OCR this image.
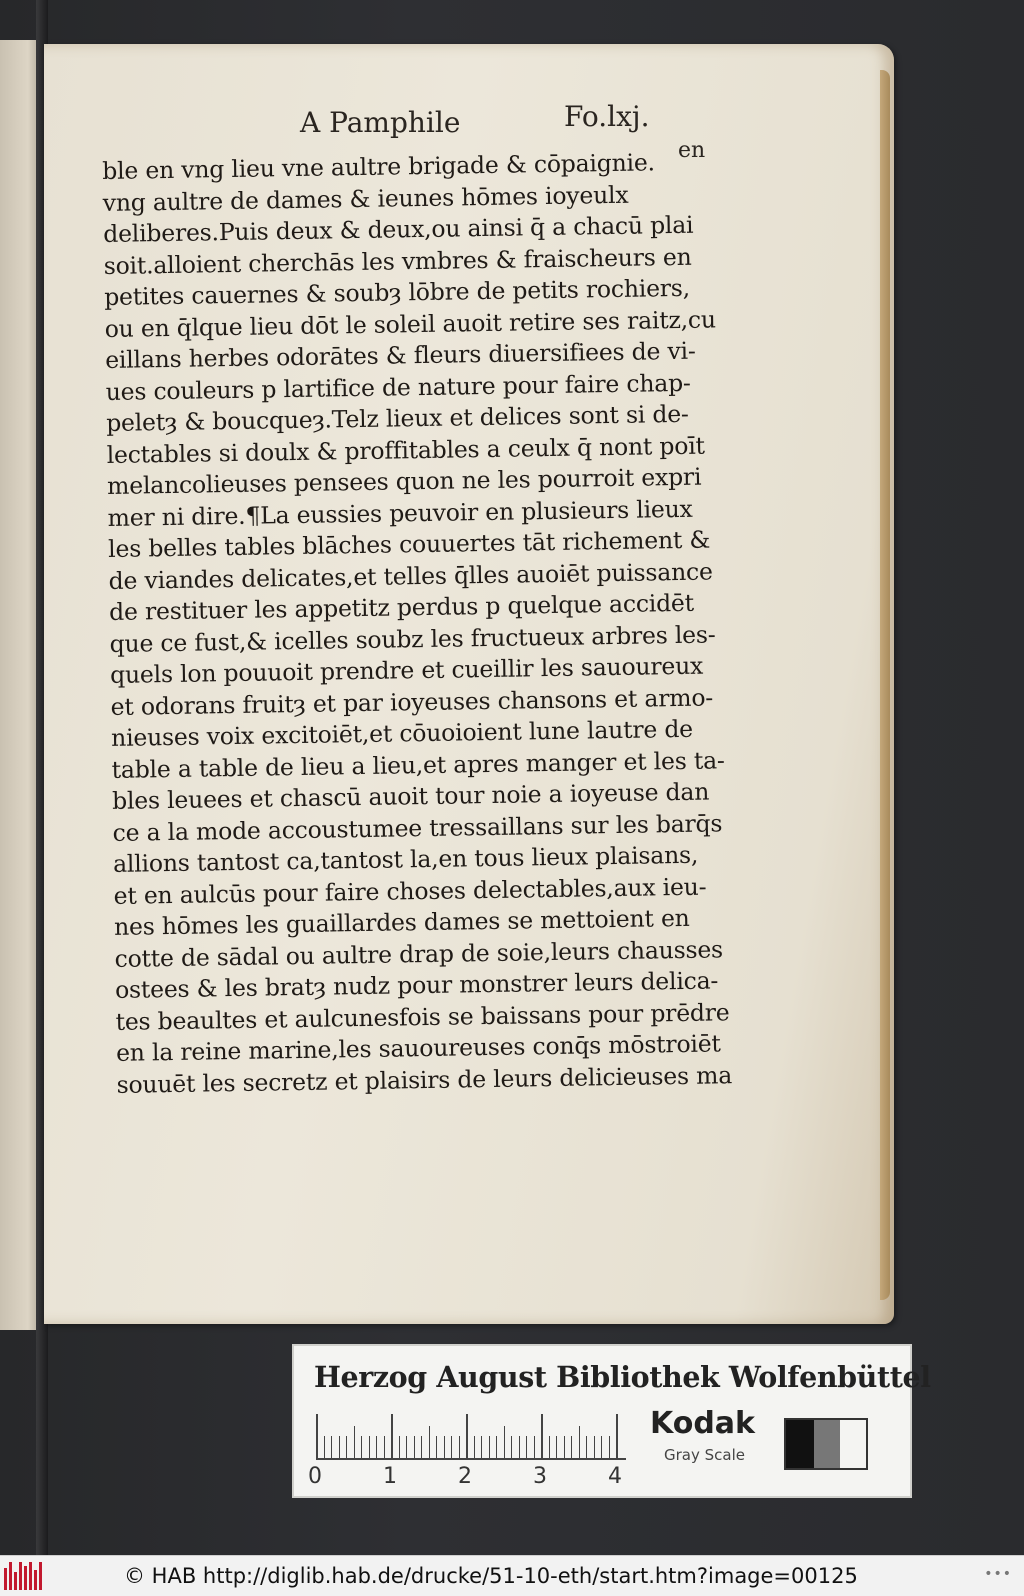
A Pamphile	Fo.lxj.
en
ble en vng lieu vne aultre brigade & cōpaignie.
vng aultre de dames & ieunes hōmes ioyeulx
deliberes.Puis deux & deux,ou ainsi q̄ a chacū plai
soit.alloient cherchās les vmbres & fraischeurs en
petites cauernes & soubȝ lōbre de petits rochiers,
ou en q̄lque lieu dōt le soleil auoit retire ses raitz,cu
eillans herbes odorātes & fleurs diuersifiees de vi-
ues couleurs p lartifice de nature pour faire chap-
peletȝ & boucqueȝ.Telz lieux et delices sont si de-
lectables si doulx & proffitables a ceulx q̄ nont poīt
melancolieuses pensees quon ne les pourroit expri
mer ni dire.¶La eussies peuvoir en plusieurs lieux
les belles tables blāches couuertes tāt richement &
de viandes delicates,et telles q̄lles auoiēt puissance
de restituer les appetitz perdus p quelque accidēt
que ce fust,& icelles soubz les fructueux arbres les-
quels lon pouuoit prendre et cueillir les sauoureux
et odorans fruitȝ et par ioyeuses chansons et armo-
nieuses voix excitoiēt,et cōuoioient lune lautre de
table a table de lieu a lieu,et apres manger et les ta-
bles leuees et chascū auoit tour noie a ioyeuse dan
ce a la mode accoustumee tressaillans sur les barq̄s
allions tantost ca,tantost la,en tous lieux plaisans,
et en aulcūs pour faire choses delectables,aux ieu-
nes hōmes les guaillardes dames se mettoient en
cotte de sādal ou aultre drap de soie,leurs chausses
ostees & les bratȝ nudz pour monstrer leurs delica-
tes beaultes et aulcunesfois se baissans pour prēdre
en la reine marine,les sauoureuses conq̄s mōstroiēt
souuēt les secretz et plaisirs de leurs delicieuses ma
Herzog August Bibliothek Wolfenbüttel
0	1	2	3	4
Kodak
Gray Scale
© HAB http://diglib.hab.de/drucke/51-10-eth/start.htm?image=00125	•••
